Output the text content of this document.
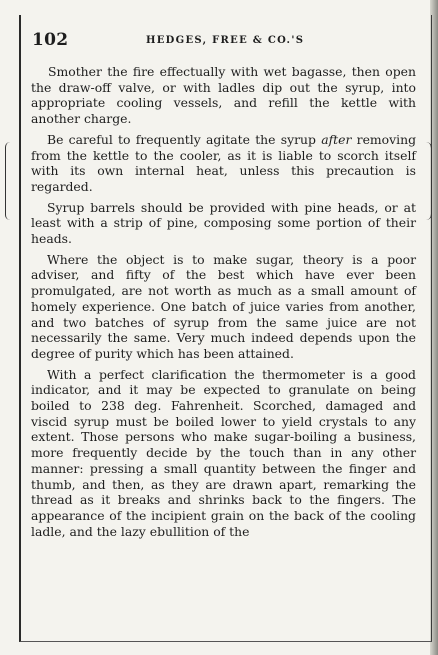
102	HEDGES, FREE & CO.'S

Smother the fire effectually with wet bagasse, then open the draw-off valve, or with ladles dip out the syrup, into appropriate cooling vessels, and refill the kettle with another charge.

Be careful to frequently agitate the syrup after removing from the kettle to the cooler, as it is liable to scorch itself with its own internal heat, unless this precaution is regarded.

Syrup barrels should be provided with pine heads, or at least with a strip of pine, composing some portion of their heads.

Where the object is to make sugar, theory is a poor adviser, and fifty of the best which have ever been promulgated, are not worth as much as a small amount of homely experience. One batch of juice varies from another, and two batches of syrup from the same juice are not necessarily the same. Very much indeed depends upon the degree of purity which has been attained.

With a perfect clarification the thermometer is a good indicator, and it may be expected to granulate on being boiled to 238 deg. Fahrenheit. Scorched, damaged and viscid syrup must be boiled lower to yield crystals to any extent. Those persons who make sugar-boiling a business, more frequently decide by the touch than in any other manner: pressing a small quantity between the finger and thumb, and then, as they are drawn apart, remarking the thread as it breaks and shrinks back to the fingers. The appearance of the incipient grain on the back of the cooling ladle, and the lazy ebullition of the
